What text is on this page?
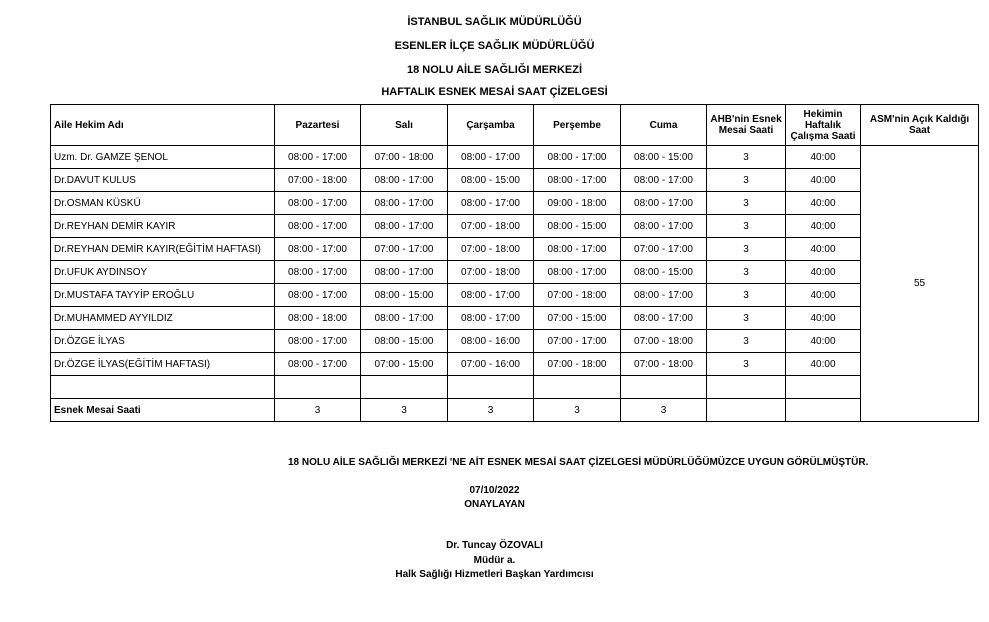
İSTANBUL SAĞLIK MÜDÜRLÜĞÜ
ESENLER İLÇE SAĞLIK MÜDÜRLÜĞÜ
18 NOLU AİLE SAĞLIĞI MERKEZİ
HAFTALIK ESNEK MESAİ SAAT ÇİZELGESİ
Aile Hekim Adı	Pazartesi	Salı	Çarşamba	Perşembe	Cuma	AHB'nin Esnek Mesai Saati	Hekimin Haftalık Çalışma Saati	ASM'nin Açık Kaldığı Saat
Uzm. Dr. GAMZE ŞENOL	08:00 - 17:00	07:00 - 18:00	08:00 - 17:00	08:00 - 17:00	08:00 - 15:00	3	40:00	55
Dr.DAVUT KULUS	07:00 - 18:00	08:00 - 17:00	08:00 - 15:00	08:00 - 17:00	08:00 - 17:00	3	40:00	
Dr.OSMAN KÜSKÜ	08:00 - 17:00	08:00 - 17:00	08:00 - 17:00	09:00 - 18:00	08:00 - 17:00	3	40:00	
Dr.REYHAN DEMİR KAYIR	08:00 - 17:00	08:00 - 17:00	07:00 - 18:00	08:00 - 15:00	08:00 - 17:00	3	40:00	
Dr.REYHAN DEMİR KAYIR(EĞİTİM HAFTASI)	08:00 - 17:00	07:00 - 17:00	07:00 - 18:00	08:00 - 17:00	07:00 - 17:00	3	40:00	
Dr.UFUK AYDINSOY	08:00 - 17:00	08:00 - 17:00	07:00 - 18:00	08:00 - 17:00	08:00 - 15:00	3	40:00	
Dr.MUSTAFA TAYYİP EROĞLU	08:00 - 17:00	08:00 - 15:00	08:00 - 17:00	07:00 - 18:00	08:00 - 17:00	3	40:00	
Dr.MUHAMMED AYYILDIZ	08:00 - 18:00	08:00 - 17:00	08:00 - 17:00	07:00 - 15:00	08:00 - 17:00	3	40:00	
Dr.ÖZGE İLYAS	08:00 - 17:00	08:00 - 15:00	08:00 - 16:00	07:00 - 17:00	07:00 - 18:00	3	40:00	
Dr.ÖZGE İLYAS(EĞİTİM HAFTASI)	08:00 - 17:00	07:00 - 15:00	07:00 - 16:00	07:00 - 18:00	07:00 - 18:00	3	40:00	

Esnek Mesai Saati	3	3	3	3	3			
18 NOLU AİLE SAĞLIĞI MERKEZİ 'NE AİT ESNEK MESAİ SAAT ÇİZELGESİ MÜDÜRLÜĞÜMÜZCE UYGUN GÖRÜLMÜŞTÜR.
07/10/2022
ONAYLAYAN
Dr. Tuncay ÖZOVALI
Müdür a.
Halk Sağlığı Hizmetleri Başkan Yardımcısı
